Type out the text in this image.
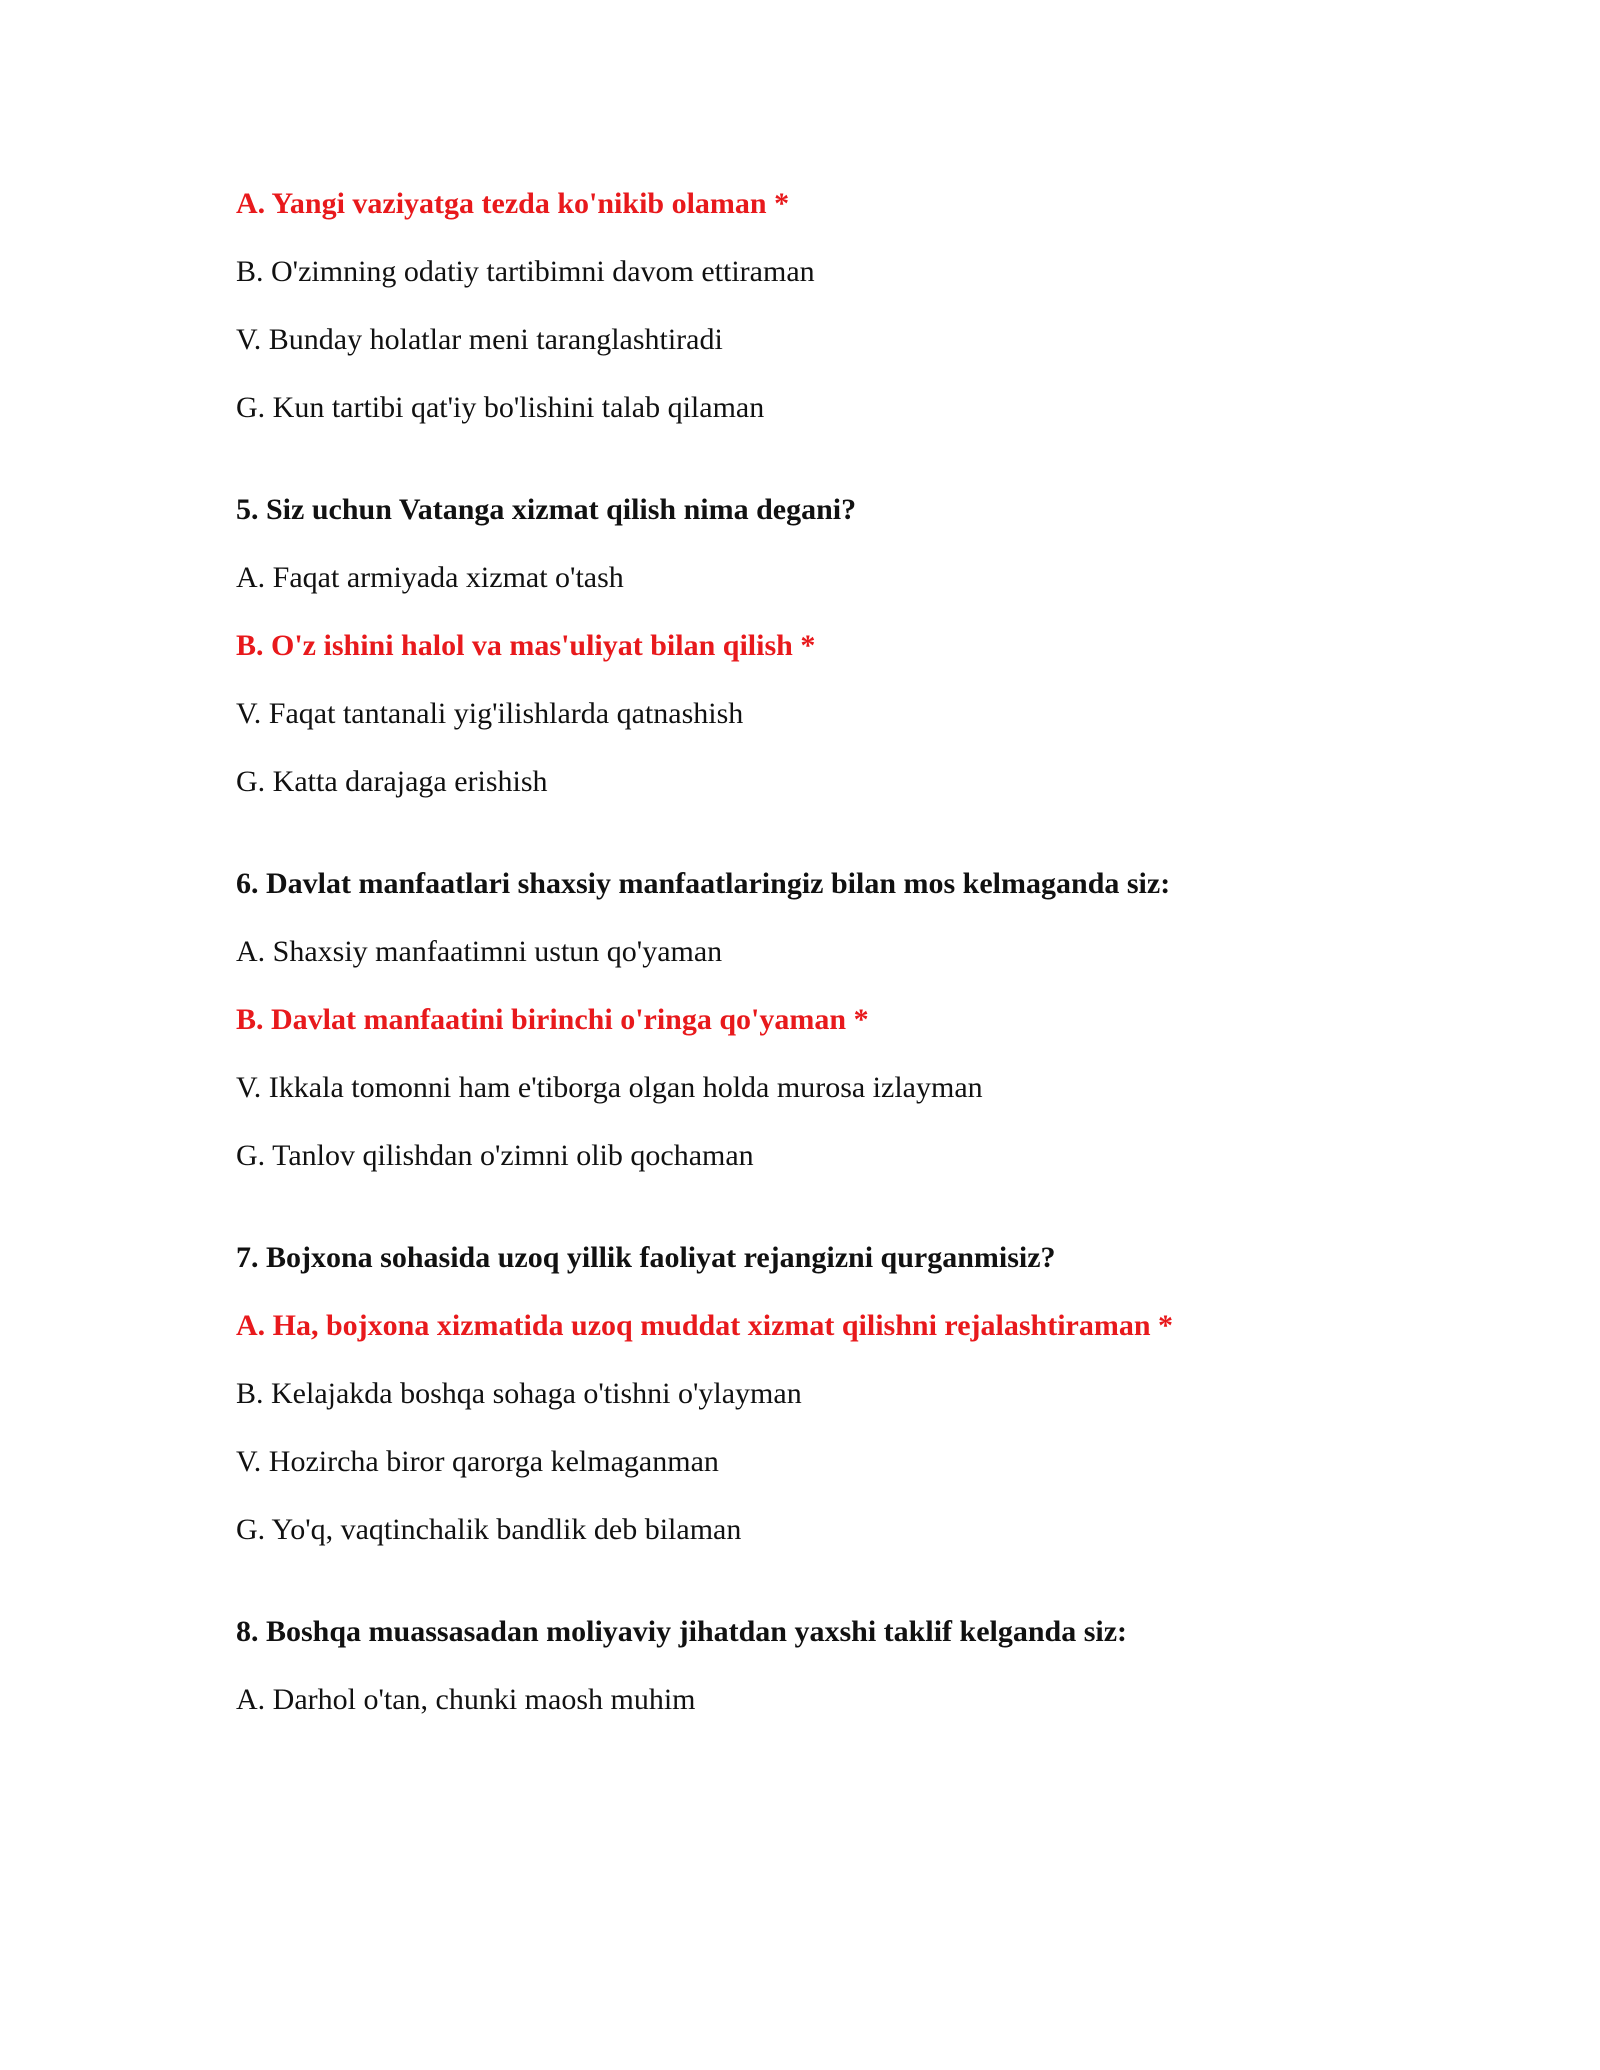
A. Yangi vaziyatga tezda ko'nikib olaman *
B. O'zimning odatiy tartibimni davom ettiraman
V. Bunday holatlar meni taranglashtiradi
G. Kun tartibi qat'iy bo'lishini talab qilaman
5. Siz uchun Vatanga xizmat qilish nima degani?
A. Faqat armiyada xizmat o'tash
B. O'z ishini halol va mas'uliyat bilan qilish *
V. Faqat tantanali yig'ilishlarda qatnashish
G. Katta darajaga erishish
6. Davlat manfaatlari shaxsiy manfaatlaringiz bilan mos kelmaganda siz:
A. Shaxsiy manfaatimni ustun qo'yaman
B. Davlat manfaatini birinchi o'ringa qo'yaman *
V. Ikkala tomonni ham e'tiborga olgan holda murosa izlayman
G. Tanlov qilishdan o'zimni olib qochaman
7. Bojxona sohasida uzoq yillik faoliyat rejangizni qurganmisiz?
A. Ha, bojxona xizmatida uzoq muddat xizmat qilishni rejalashtiraman *
B. Kelajakda boshqa sohaga o'tishni o'ylayman
V. Hozircha biror qarorga kelmaganman
G. Yo'q, vaqtinchalik bandlik deb bilaman
8. Boshqa muassasadan moliyaviy jihatdan yaxshi taklif kelganda siz:
A. Darhol o'tan, chunki maosh muhim
